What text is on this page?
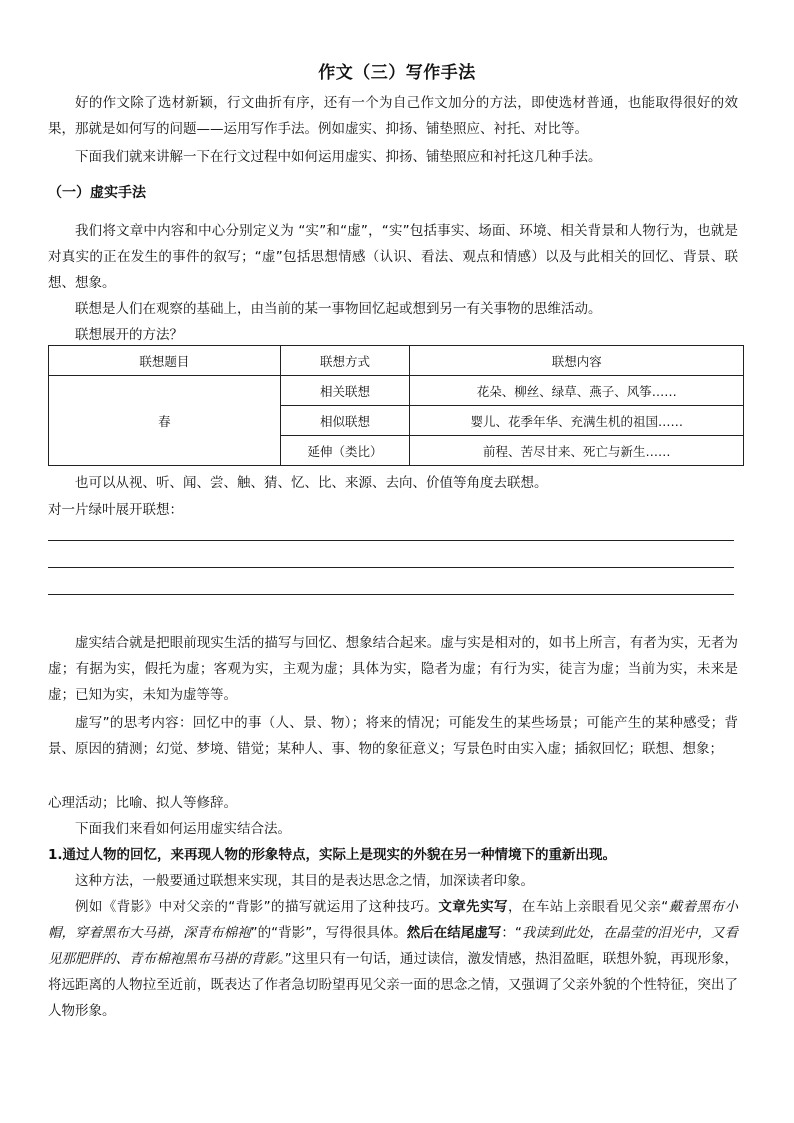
作文（三）写作手法
好的作文除了选材新颖，行文曲折有序，还有一个为自己作文加分的方法，即使选材普通，也能取得很好的效果，那就是如何写的问题——运用写作手法。例如虚实、抑扬、铺垫照应、衬托、对比等。
下面我们就来讲解一下在行文过程中如何运用虚实、抑扬、铺垫照应和衬托这几种手法。
（一）虚实手法
我们将文章中内容和中心分别定义为 “实”和“虚”，“实”包括事实、场面、环境、相关背景和人物行为，也就是对真实的正在发生的事件的叙写；“虚”包括思想情感（认识、看法、观点和情感）以及与此相关的回忆、背景、联想、想象。
联想是人们在观察的基础上，由当前的某一事物回忆起或想到另一有关事物的思维活动。
联想展开的方法？
联想题目	联想方式	联想内容
春	相关联想	花朵、柳丝、绿草、燕子、风筝……
	相似联想	婴儿、花季年华、充满生机的祖国……
	延伸（类比）	前程、苦尽甘来、死亡与新生……
也可以从视、听、闻、尝、触、猜、忆、比、来源、去向、价值等角度去联想。
对一片绿叶展开联想：
虚实结合就是把眼前现实生活的描写与回忆、想象结合起来。虚与实是相对的，如书上所言，有者为实，无者为虚；有据为实，假托为虚；客观为实，主观为虚；具体为实，隐者为虚；有行为实，徒言为虚；当前为实，未来是虚；已知为实，未知为虚等等。
虚写”的思考内容：回忆中的事（人、景、物）；将来的情况；可能发生的某些场景；可能产生的某种感受；背景、原因的猜测；幻觉、梦境、错觉；某种人、事、物的象征意义；写景色时由实入虚；插叙回忆；联想、想象；
心理活动；比喻、拟人等修辞。
下面我们来看如何运用虚实结合法。
1.通过人物的回忆，来再现人物的形象特点，实际上是现实的外貌在另一种情境下的重新出现。
这种方法，一般要通过联想来实现，其目的是表达思念之情，加深读者印象。
例如《背影》中对父亲的“背影”的描写就运用了这种技巧。文章先实写，在车站上亲眼看见父亲“戴着黑布小帽，穿着黑布大马褂，深青布棉袍”的“背影”，写得很具体。然后在结尾虚写：“我读到此处，在晶莹的泪光中，又看见那肥胖的、青布棉袍黑布马褂的背影。”这里只有一句话，通过读信，激发情感，热泪盈眶，联想外貌，再现形象，将远距离的人物拉至近前，既表达了作者急切盼望再见父亲一面的思念之情，又强调了父亲外貌的个性特征，突出了人物形象。
